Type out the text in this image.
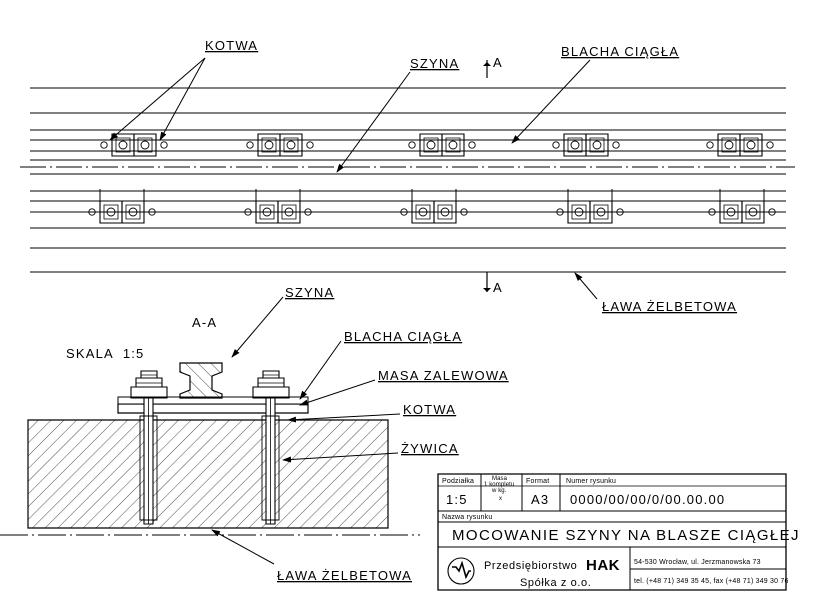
A
A
KOTWA
SZYNA
BLACHA CIĄGŁA
ŁAWA ŻELBETOWA
A-A
SKALA  1:5
SZYNA
BLACHA CIĄGŁA
MASA ZALEWOWA
KOTWA
ŻYWICA
ŁAWA ŻELBETOWA
Podziałka	Masa
1 kompletu
w kg.
x
Format Numer rysunku
1:5	A3 0000/00/00/0/00.00.00
Nazwa rysunku
MOCOWANIE SZYNY NA BLASZE CIĄGŁEJ
Przedsiębiorstwo HAK
Spółka z o.o.
54-530 Wrocław, ul. Jerzmanowska 73
tel. (+48 71) 349 35 45, fax (+48 71) 349 30 76
